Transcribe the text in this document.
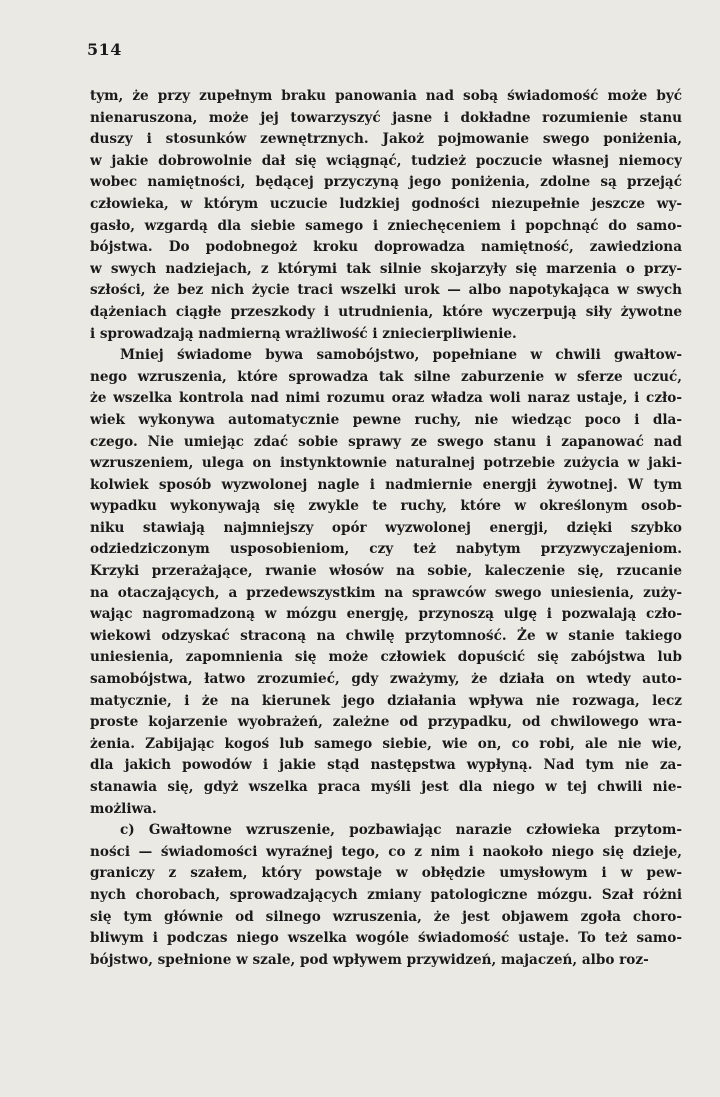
514

tym, że przy zupełnym braku panowania nad sobą świadomość może być
nienaruszona, może jej towarzyszyć jasne i dokładne rozumienie stanu
duszy i stosunków zewnętrznych. Jakoż pojmowanie swego poniżenia,
w jakie dobrowolnie dał się wciągnąć, tudzież poczucie własnej niemocy
wobec namiętności, będącej przyczyną jego poniżenia, zdolne są przejąć
człowieka, w którym uczucie ludzkiej godności niezupełnie jeszcze wy-
gasło, wzgardą dla siebie samego i zniechęceniem i popchnąć do samo-
bójstwa. Do podobnegoż kroku doprowadza namiętność, zawiedziona
w swych nadziejach, z którymi tak silnie skojarzyły się marzenia o przy-
szłości, że bez nich życie traci wszelki urok — albo napotykająca w swych
dążeniach ciągłe przeszkody i utrudnienia, które wyczerpują siły żywotne
i sprowadzają nadmierną wrażliwość i zniecierpliwienie.

Mniej świadome bywa samobójstwo, popełniane w chwili gwałtow-
nego wzruszenia, które sprowadza tak silne zaburzenie w sferze uczuć,
że wszelka kontrola nad nimi rozumu oraz władza woli naraz ustaje, i czło-
wiek wykonywa automatycznie pewne ruchy, nie wiedząc poco i dla-
czego. Nie umiejąc zdać sobie sprawy ze swego stanu i zapanować nad
wzruszeniem, ulega on instynktownie naturalnej potrzebie zużycia w jaki-
kolwiek sposób wyzwolonej nagle i nadmiernie energji żywotnej. W tym
wypadku wykonywają się zwykle te ruchy, które w określonym osob-
niku stawiają najmniejszy opór wyzwolonej energji, dzięki szybko
odziedziczonym usposobieniom, czy też nabytym przyzwyczajeniom.
Krzyki przerażające, rwanie włosów na sobie, kaleczenie się, rzucanie
na otaczających, a przedewszystkim na sprawców swego uniesienia, zuży-
wając nagromadzoną w mózgu energję, przynoszą ulgę i pozwalają czło-
wiekowi odzyskać straconą na chwilę przytomność. Że w stanie takiego
uniesienia, zapomnienia się może człowiek dopuścić się zabójstwa lub
samobójstwa, łatwo zrozumieć, gdy zważymy, że działa on wtedy auto-
matycznie, i że na kierunek jego działania wpływa nie rozwaga, lecz
proste kojarzenie wyobrażeń, zależne od przypadku, od chwilowego wra-
żenia. Zabijając kogoś lub samego siebie, wie on, co robi, ale nie wie,
dla jakich powodów i jakie stąd następstwa wypłyną. Nad tym nie za-
stanawia się, gdyż wszelka praca myśli jest dla niego w tej chwili nie-
możliwa.

c) Gwałtowne wzruszenie, pozbawiając narazie człowieka przytom-
ności — świadomości wyraźnej tego, co z nim i naokoło niego się dzieje,
graniczy z szałem, który powstaje w obłędzie umysłowym i w pew-
nych chorobach, sprowadzających zmiany patologiczne mózgu. Szał różni
się tym głównie od silnego wzruszenia, że jest objawem zgoła choro-
bliwym i podczas niego wszelka wogóle świadomość ustaje. To też samo-
bójstwo, spełnione w szale, pod wpływem przywidzeń, majaczeń, albo roz-
